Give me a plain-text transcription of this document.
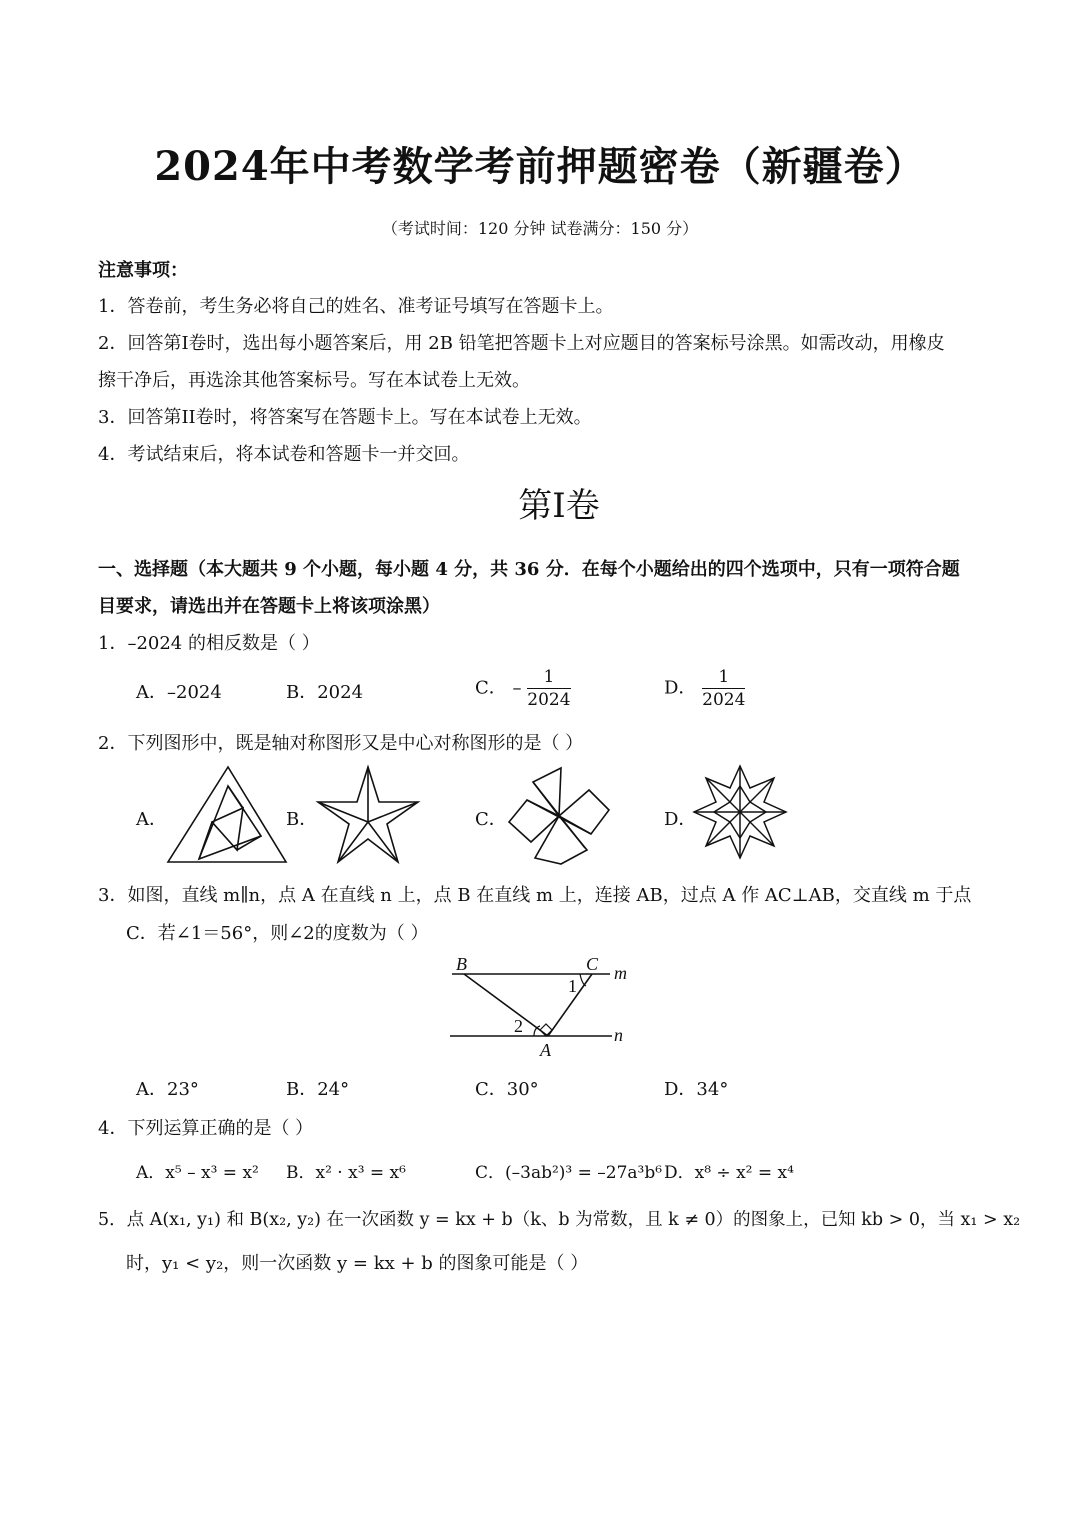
2024年中考数学考前押题密卷（新疆卷）
（考试时间：120 分钟 试卷满分：150 分）
注意事项：
1．答卷前，考生务必将自己的姓名、准考证号填写在答题卡上。
2．回答第I卷时，选出每小题答案后，用 2B 铅笔把答题卡上对应题目的答案标号涂黑。如需改动，用橡皮
擦干净后，再选涂其他答案标号。写在本试卷上无效。
3．回答第II卷时，将答案写在答题卡上。写在本试卷上无效。
4．考试结束后，将本试卷和答题卡一并交回。
第I卷
一、选择题（本大题共 9 个小题，每小题 4 分，共 36 分．在每个小题给出的四个选项中，只有一项符合题
目要求，请选出并在答题卡上将该项涂黑）
1．–2024 的相反数是（ ）
A．–2024	B．2024	C． – $\frac{1}{2024}$	D． $\frac{1}{2024}$
2．下列图形中，既是轴对称图形又是中心对称图形的是（ ）
A．	B．	C．	D．
3．如图，直线 m∥n，点 A 在直线 n 上，点 B 在直线 m 上，连接 AB，过点 A 作 AC⊥AB，交直线 m 于点
C．若∠1＝56°，则∠2的度数为（ ）
B	C m
n
A
1
2
A．23°	B．24°	C．30°	D．34°
4．下列运算正确的是（ ）
A．x⁵ – x³ = x² B．x² · x³ = x⁶	C．(–3ab²)³ = –27a³b⁶ D．x⁸ ÷ x² = x⁴
5．点 A(x₁, y₁) 和 B(x₂, y₂) 在一次函数 y = kx + b（k、b 为常数，且 k ≠ 0）的图象上，已知 kb > 0，当 x₁ > x₂
时，y₁ < y₂，则一次函数 y = kx + b 的图象可能是（ ）
